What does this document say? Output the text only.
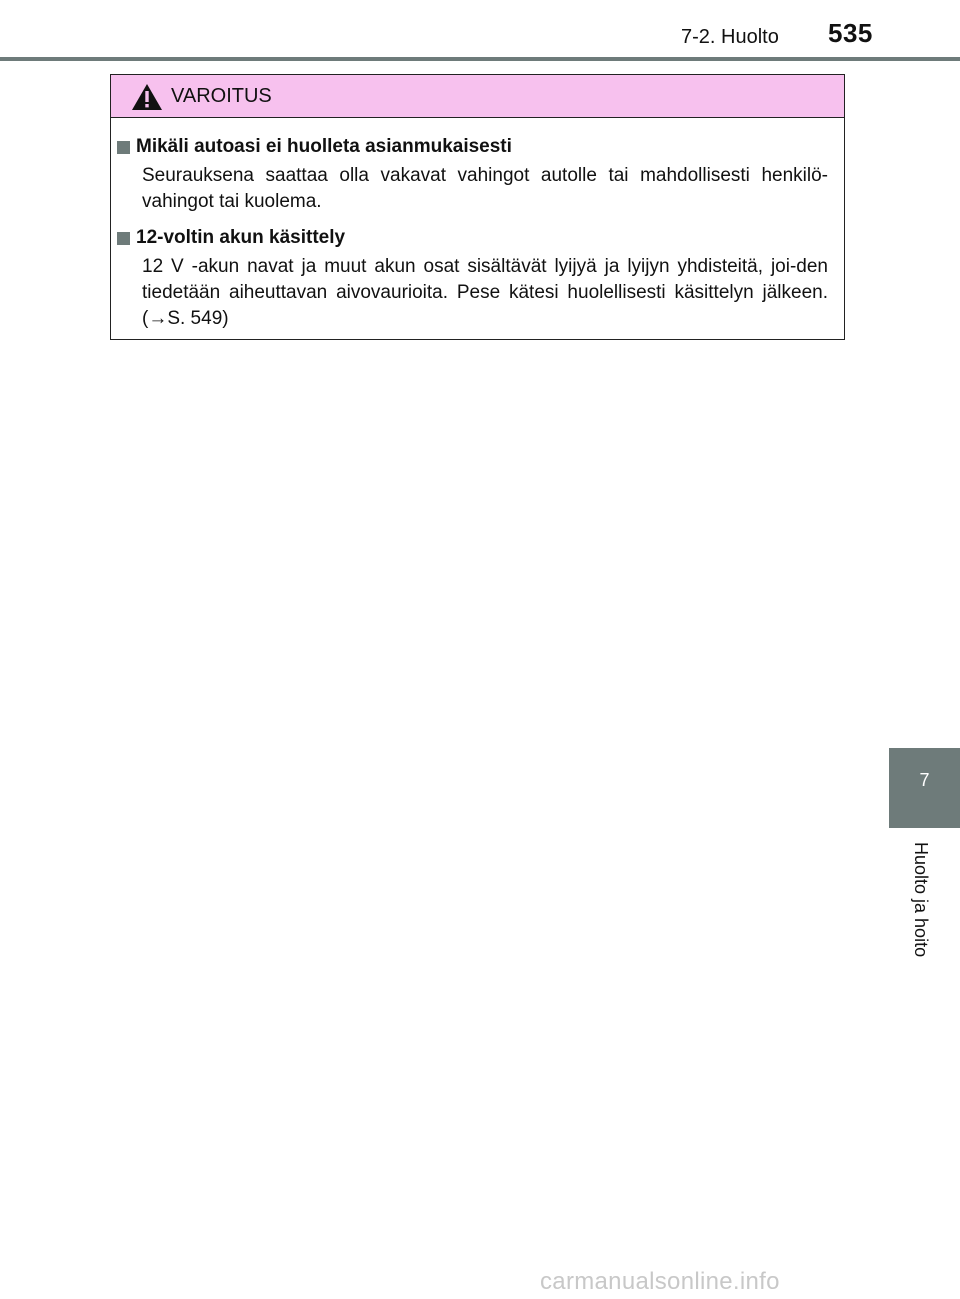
7-2. Huolto 535
VAROITUS
Mikäli autoasi ei huolleta asianmukaisesti
Seurauksena saattaa olla vakavat vahingot autolle tai mahdollisesti henkilö-vahingot tai kuolema.
12-voltin akun käsittely
12 V -akun navat ja muut akun osat sisältävät lyijyä ja lyijyn yhdisteitä, joi-den tiedetään aiheuttavan aivovaurioita. Pese kätesi huolellisesti käsittelyn jälkeen. (→S. 549)
7
Huolto ja hoito
carmanualsonline.info
